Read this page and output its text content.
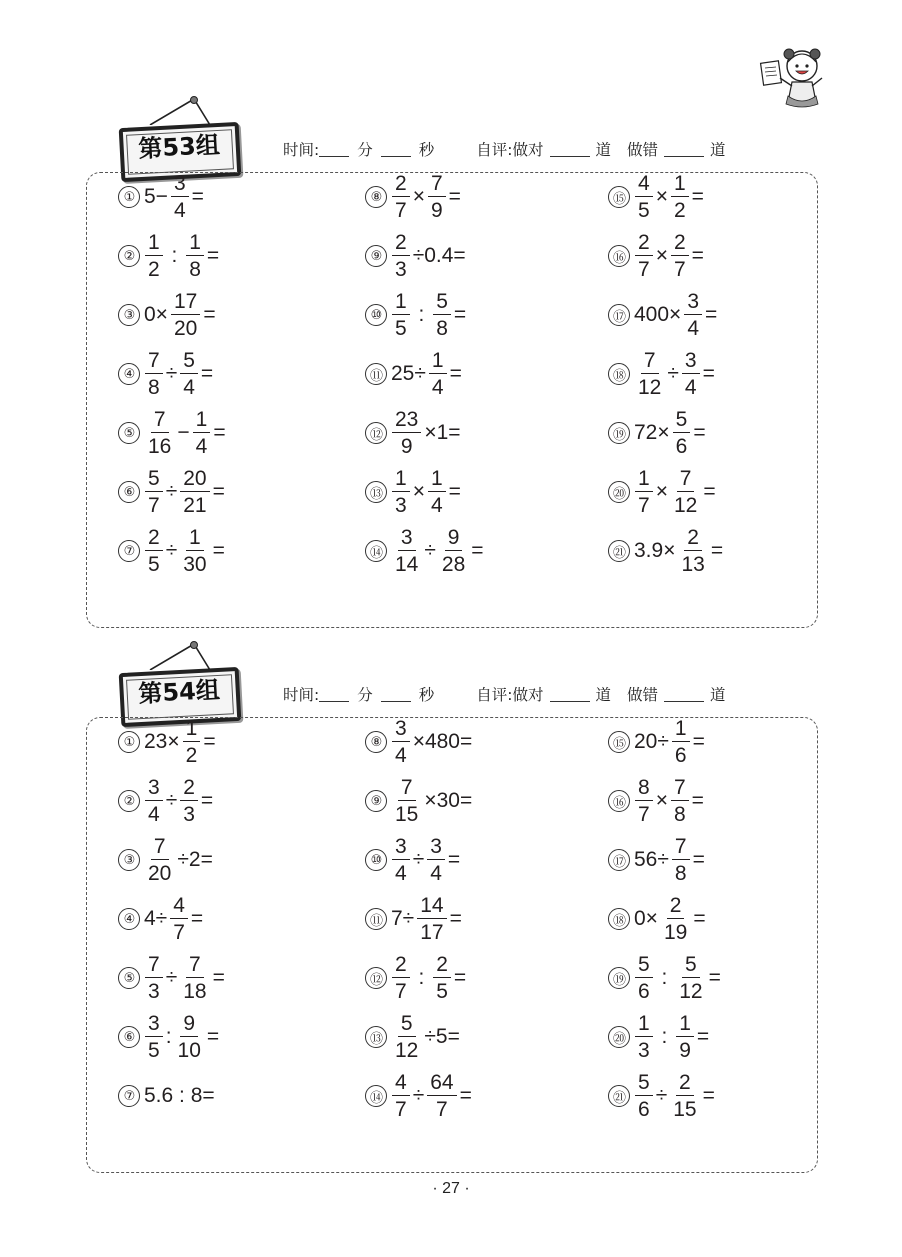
第53组	时间: 分	秒	自评:做对	道 做错	道
① $5- \frac{3}{4}$ =
② $\frac{1}{2}$ : $\frac{1}{8}$ =
③ $0\times \frac{17}{20}$ =
④ $\frac{7}{8} \div \frac{5}{4}$ =
⑤ $\frac{7}{16} - \frac{1}{4}$ =
⑥ $\frac{5}{7} \div \frac{20}{21}$ =
⑦ $\frac{2}{5} \div \frac{1}{30}$ =
⑧ $\frac{2}{7} \times \frac{7}{9}$ =
⑨ $\frac{2}{3} \div 0.4=$
⑩ $\frac{1}{5}$ : $\frac{5}{8}$ =
⑪ $25\div \frac{1}{4}$ =
⑫ $\frac{23}{9} \times 1=$
⑬ $\frac{1}{3} \times \frac{1}{4}$ =
⑭ $\frac{3}{14} \div \frac{9}{28}$ =
⑮ $\frac{4}{5} \times \frac{1}{2}$ =
⑯ $\frac{2}{7} \times \frac{2}{7}$ =
⑰ $400\times \frac{3}{4}$ =
⑱ $\frac{7}{12} \div \frac{3}{4}$ =
⑲ $72\times \frac{5}{6}$ =
⑳ $\frac{1}{7} \times \frac{7}{12}$ =
㉑ $3.9\times \frac{2}{13}$ =
第54组	时间: 分	秒	自评:做对	道 做错	道
① $23\times \frac{1}{2}$ =
② $\frac{3}{4} \div \frac{2}{3}$ =
③ $\frac{7}{20} \div 2=$
④ $4\div \frac{4}{7}$ =
⑤ $\frac{7}{3} \div \frac{7}{18}$ =
⑥ $\frac{3}{5}$ : $\frac{9}{10}$ =
⑦ 5.6 : 8=
⑧ $\frac{3}{4} \times 480=$
⑨ $\frac{7}{15} \times 30=$
⑩ $\frac{3}{4} \div \frac{3}{4}$ =
⑪ $7\div \frac{14}{17}$ =
⑫ $\frac{2}{7}$ : $\frac{2}{5}$ =
⑬ $\frac{5}{12} \div 5=$
⑭ $\frac{4}{7} \div \frac{64}{7}$ =
⑮ $20\div \frac{1}{6}$ =
⑯ $\frac{8}{7} \times \frac{7}{8}$ =
⑰ $56\div \frac{7}{8}$ =
⑱ $0\times \frac{2}{19}$ =
⑲ $\frac{5}{6}$ : $\frac{5}{12}$ =
⑳ $\frac{1}{3}$ : $\frac{1}{9}$ =
㉑ $\frac{5}{6} \div \frac{2}{15}$ =
· 27 ·
